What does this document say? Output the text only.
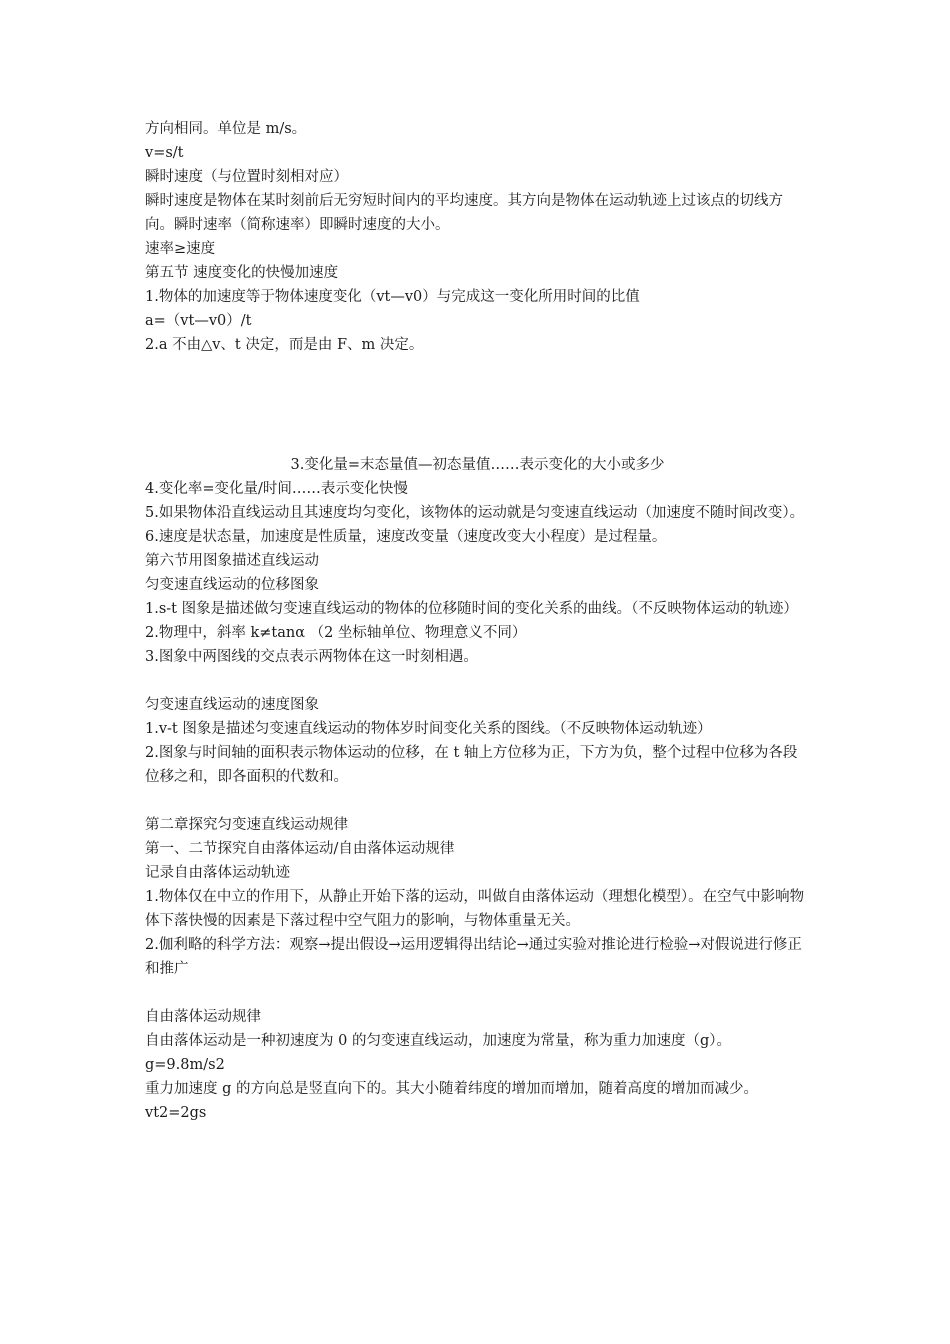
方向相同。单位是 m/s。
v=s/t
瞬时速度（与位置时刻相对应）
瞬时速度是物体在某时刻前后无穷短时间内的平均速度。其方向是物体在运动轨迹上过该点的切线方向。瞬时速率（简称速率）即瞬时速度的大小。
速率≥速度
第五节 速度变化的快慢加速度
1.物体的加速度等于物体速度变化（vt—v0）与完成这一变化所用时间的比值
a=（vt—v0）/t
2.a 不由△v、t 决定，而是由 F、m 决定。
3.变化量=末态量值—初态量值……表示变化的大小或多少
4.变化率=变化量/时间……表示变化快慢
5.如果物体沿直线运动且其速度均匀变化，该物体的运动就是匀变速直线运动（加速度不随时间改变）。
6.速度是状态量，加速度是性质量，速度改变量（速度改变大小程度）是过程量。
第六节用图象描述直线运动
匀变速直线运动的位移图象
1.s-t 图象是描述做匀变速直线运动的物体的位移随时间的变化关系的曲线。（不反映物体运动的轨迹）
2.物理中，斜率 k≠tanα （2 坐标轴单位、物理意义不同）
3.图象中两图线的交点表示两物体在这一时刻相遇。
匀变速直线运动的速度图象
1.v-t 图象是描述匀变速直线运动的物体岁时间变化关系的图线。（不反映物体运动轨迹）
2.图象与时间轴的面积表示物体运动的位移，在 t 轴上方位移为正，下方为负，整个过程中位移为各段位移之和，即各面积的代数和。
第二章探究匀变速直线运动规律
第一、二节探究自由落体运动/自由落体运动规律
记录自由落体运动轨迹
1.物体仅在中立的作用下，从静止开始下落的运动，叫做自由落体运动（理想化模型）。在空气中影响物体下落快慢的因素是下落过程中空气阻力的影响，与物体重量无关。
2.伽利略的科学方法：观察→提出假设→运用逻辑得出结论→通过实验对推论进行检验→对假说进行修正和推广
自由落体运动规律
自由落体运动是一种初速度为 0 的匀变速直线运动，加速度为常量，称为重力加速度（g）。
g=9.8m/s2
重力加速度 g 的方向总是竖直向下的。其大小随着纬度的增加而增加，随着高度的增加而减少。
vt2=2gs
